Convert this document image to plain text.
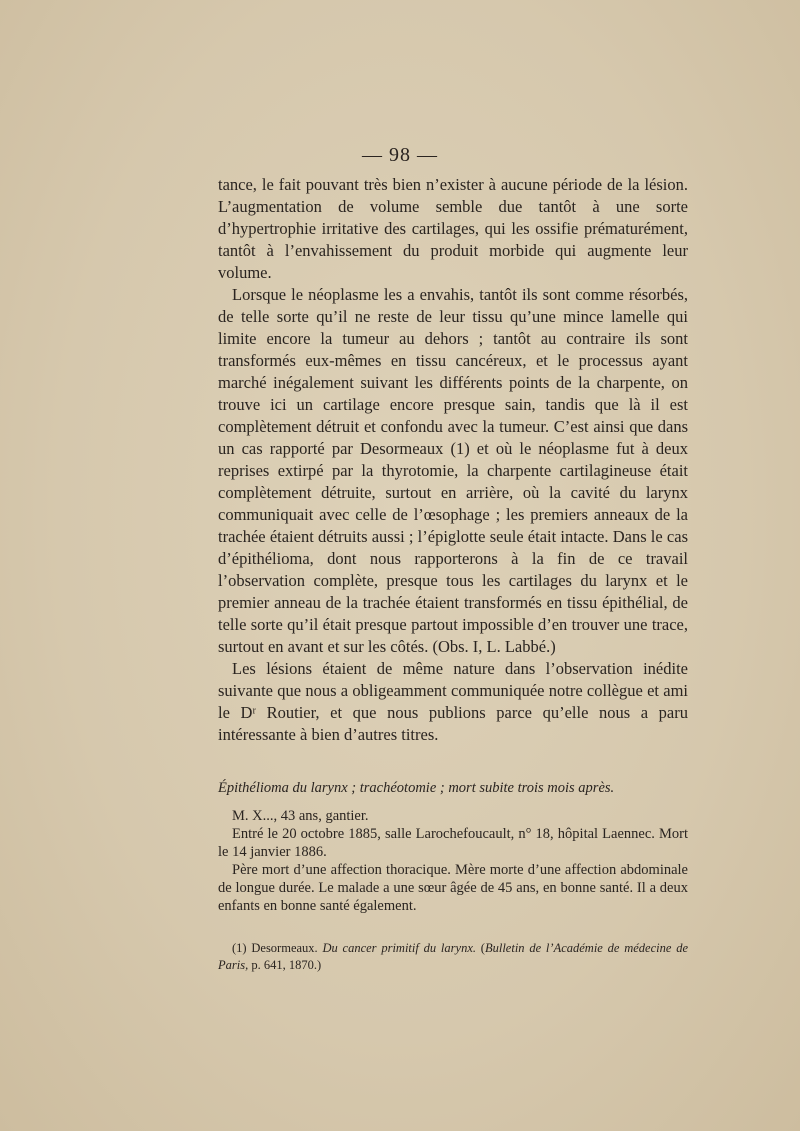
— 98 —

tance, le fait pouvant très bien n’exister à aucune période de la lésion. L’augmentation de volume semble due tantôt à une sorte d’hypertrophie irritative des cartilages, qui les ossifie prématurément, tantôt à l’envahissement du produit morbide qui augmente leur volume.

Lorsque le néoplasme les a envahis, tantôt ils sont comme résorbés, de telle sorte qu’il ne reste de leur tissu qu’une mince lamelle qui limite encore la tumeur au dehors ; tantôt au contraire ils sont transformés eux-mêmes en tissu cancéreux, et le processus ayant marché inégalement suivant les différents points de la charpente, on trouve ici un cartilage encore presque sain, tandis que là il est complètement détruit et confondu avec la tumeur. C’est ainsi que dans un cas rapporté par Desormeaux (1) et où le néoplasme fut à deux reprises extirpé par la thyrotomie, la charpente cartilagineuse était complètement détruite, surtout en arrière, où la cavité du larynx communiquait avec celle de l’œsophage ; les premiers anneaux de la trachée étaient détruits aussi ; l’épiglotte seule était intacte. Dans le cas d’épithélioma, dont nous rapporterons à la fin de ce travail l’observation complète, presque tous les cartilages du larynx et le premier anneau de la trachée étaient transformés en tissu épithélial, de telle sorte qu’il était presque partout impossible d’en trouver une trace, surtout en avant et sur les côtés. (Obs. I, L. Labbé.)

Les lésions étaient de même nature dans l’observation inédite suivante que nous a obligeamment communiquée notre collègue et ami le Dʳ Routier, et que nous publions parce qu’elle nous a paru intéressante à bien d’autres titres.

Épithélioma du larynx ; trachéotomie ; mort subite trois mois après.

M. X..., 43 ans, gantier.

Entré le 20 octobre 1885, salle Larochefoucault, n° 18, hôpital Laennec. Mort le 14 janvier 1886.

Père mort d’une affection thoracique. Mère morte d’une affection abdominale de longue durée. Le malade a une sœur âgée de 45 ans, en bonne santé. Il a deux enfants en bonne santé également.

(1) Desormeaux. Du cancer primitif du larynx. (Bulletin de l’Académie de médecine de Paris, p. 641, 1870.)
